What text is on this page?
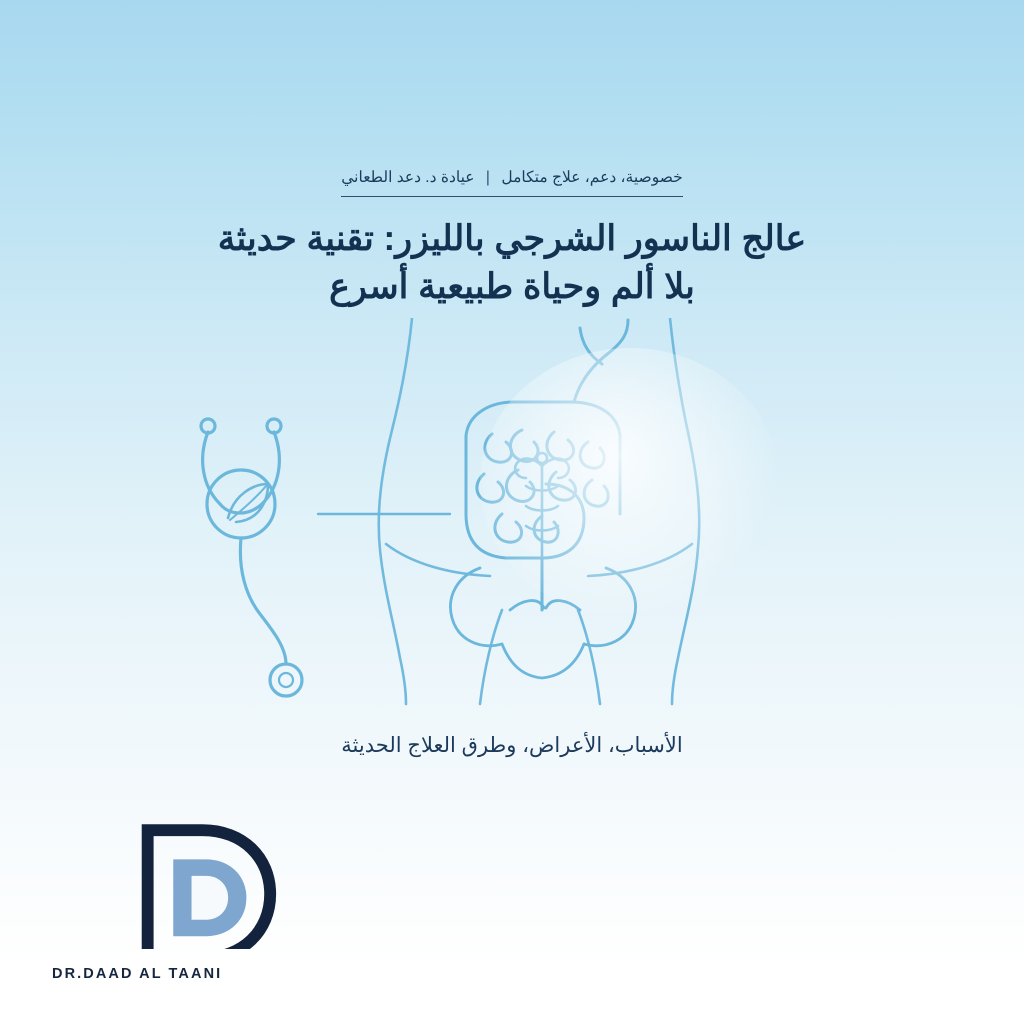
خصوصية، دعم، علاج متكامل | عيادة د. دعد الطعاني
عالج الناسور الشرجي بالليزر: تقنية حديثة
بلا ألم وحياة طبيعية أسرع
الأسباب، الأعراض، وطرق العلاج الحديثة
DR.DAAD AL TAANI
